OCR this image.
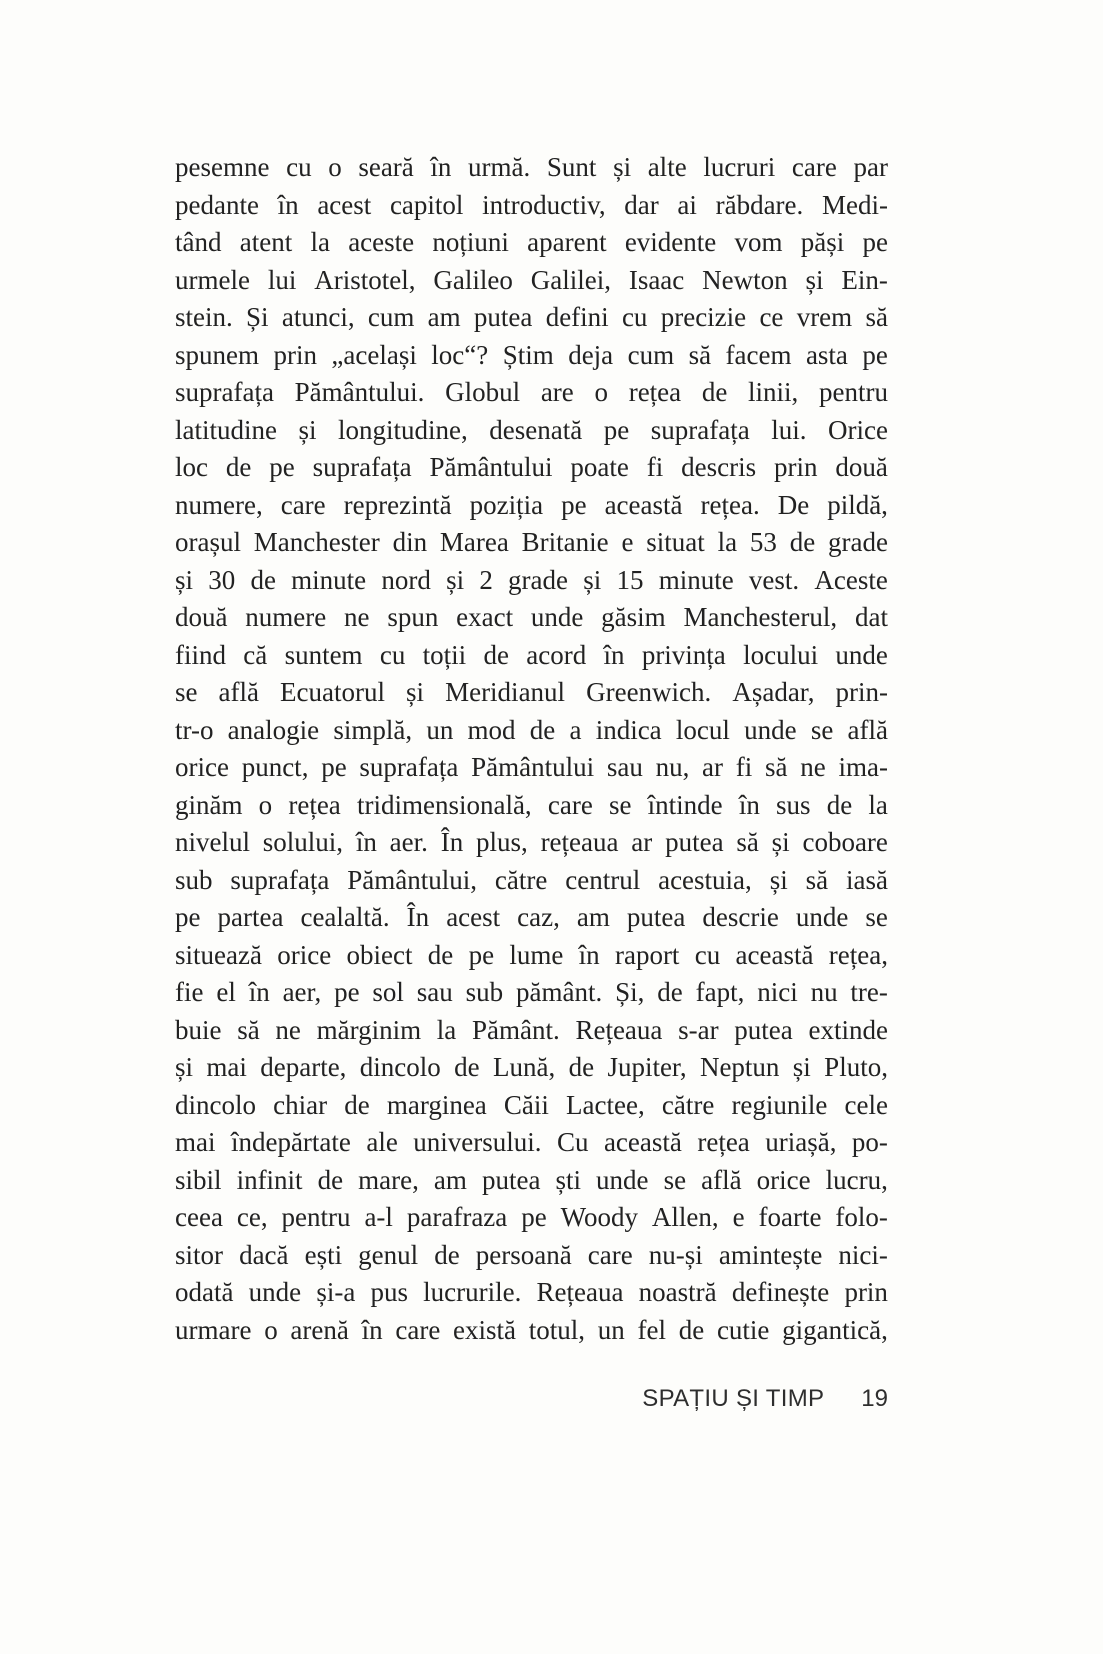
pesemne cu o seară în urmă. Sunt și alte lucruri care par
pedante în acest capitol introductiv, dar ai răbdare. Medi-
tând atent la aceste noțiuni aparent evidente vom păși pe
urmele lui Aristotel, Galileo Galilei, Isaac Newton și Ein-
stein. Și atunci, cum am putea defini cu precizie ce vrem să
spunem prin „același loc“? Știm deja cum să facem asta pe
suprafața Pământului. Globul are o rețea de linii, pentru
latitudine și longitudine, desenată pe suprafața lui. Orice
loc de pe suprafața Pământului poate fi descris prin două
numere, care reprezintă poziția pe această rețea. De pildă,
orașul Manchester din Marea Britanie e situat la 53 de grade
și 30 de minute nord și 2 grade și 15 minute vest. Aceste
două numere ne spun exact unde găsim Manchesterul, dat
fiind că suntem cu toții de acord în privința locului unde
se află Ecuatorul și Meridianul Greenwich. Așadar, prin-
tr-o analogie simplă, un mod de a indica locul unde se află
orice punct, pe suprafața Pământului sau nu, ar fi să ne ima-
ginăm o rețea tridimensională, care se întinde în sus de la
nivelul solului, în aer. În plus, rețeaua ar putea să și coboare
sub suprafața Pământului, către centrul acestuia, și să iasă
pe partea cealaltă. În acest caz, am putea descrie unde se
situează orice obiect de pe lume în raport cu această rețea,
fie el în aer, pe sol sau sub pământ. Și, de fapt, nici nu tre-
buie să ne mărginim la Pământ. Rețeaua s-ar putea extinde
și mai departe, dincolo de Lună, de Jupiter, Neptun și Pluto,
dincolo chiar de marginea Căii Lactee, către regiunile cele
mai îndepărtate ale universului. Cu această rețea uriașă, po-
sibil infinit de mare, am putea ști unde se află orice lucru,
ceea ce, pentru a-l parafraza pe Woody Allen, e foarte folo-
sitor dacă ești genul de persoană care nu-și amintește nici-
odată unde și-a pus lucrurile. Rețeaua noastră definește prin
urmare o arenă în care există totul, un fel de cutie gigantică,
SPAȚIU ȘI TIMP 19
